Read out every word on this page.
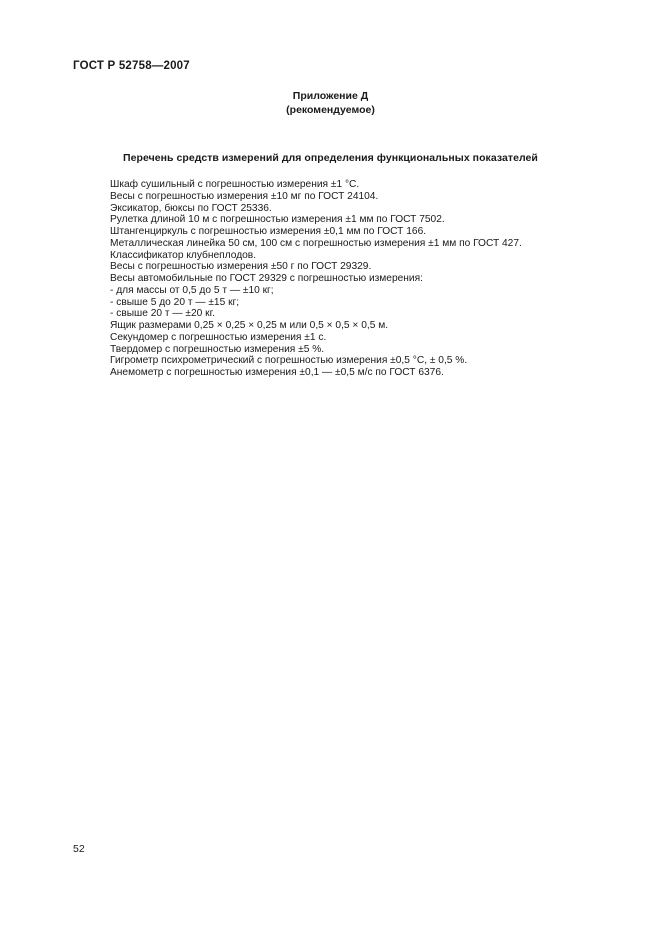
ГОСТ Р 52758—2007
Приложение Д
(рекомендуемое)
Перечень средств измерений для определения функциональных показателей
Шкаф сушильный с погрешностью измерения ±1 °С.
Весы с погрешностью измерения ±10 мг по ГОСТ 24104.
Эксикатор, бюксы по ГОСТ 25336.
Рулетка длиной 10 м с погрешностью измерения ±1 мм по ГОСТ 7502.
Штангенциркуль с погрешностью измерения ±0,1 мм по ГОСТ 166.
Металлическая линейка 50 см, 100 см с погрешностью измерения ±1 мм по ГОСТ 427.
Классификатор клубнеплодов.
Весы с погрешностью измерения ±50 г по ГОСТ 29329.
Весы автомобильные по ГОСТ 29329 с погрешностью измерения:
- для массы от 0,5 до 5 т — ±10 кг;
- свыше 5 до 20 т — ±15 кг;
- свыше 20 т — ±20 кг.
Ящик размерами 0,25 × 0,25 × 0,25 м или 0,5 × 0,5 × 0,5 м.
Секундомер с погрешностью измерения ±1 с.
Твердомер с погрешностью измерения ±5 %.
Гигрометр психрометрический с погрешностью измерения ±0,5 °С, ± 0,5 %.
Анемометр с погрешностью измерения ±0,1 — ±0,5 м/с по ГОСТ 6376.
52
